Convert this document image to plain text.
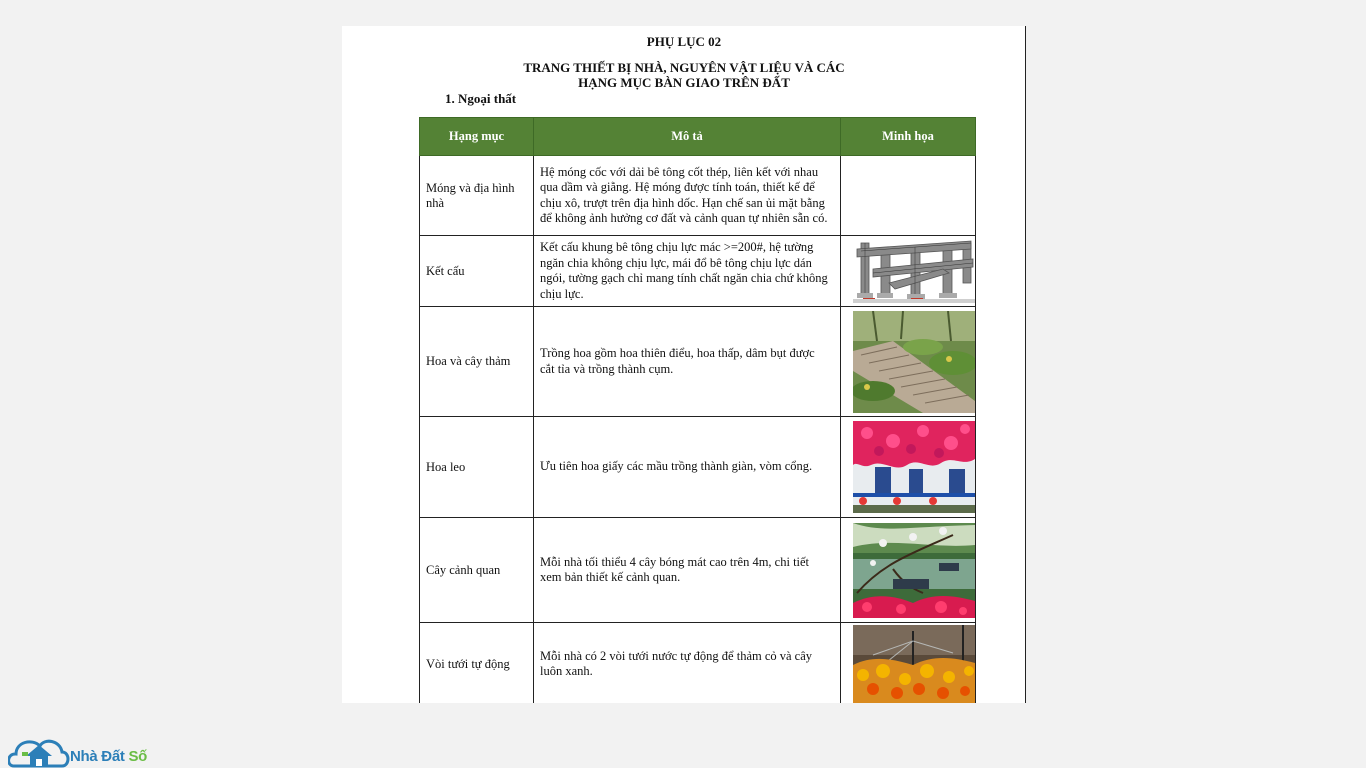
PHỤ LỤC 02
TRANG THIẾT BỊ NHÀ, NGUYÊN VẬT LIỆU VÀ CÁC
HẠNG MỤC BÀN GIAO TRÊN ĐẤT
1. Ngoại thất
Hạng mục	Mô tả	Minh họa
Móng và địa hình nhà	Hệ móng cốc với dải bê tông cốt thép, liên kết với nhau qua dầm và giằng. Hệ móng được tính toán, thiết kế để chịu xô, trượt trên địa hình dốc. Hạn chế san ủi mặt bằng để không ảnh hưởng cơ đất và cảnh quan tự nhiên sẵn có.	
Kết cấu	Kết cấu khung bê tông chịu lực mác >=200#, hệ tường ngăn chia không chịu lực, mái đổ bê tông chịu lực dán ngói, tường gạch chỉ mang tính chất ngăn chia chứ không chịu lực.	

Hoa và cây thảm	Trồng hoa gồm hoa thiên điểu, hoa thấp, dâm bụt được cắt tỉa và trồng thành cụm.	

Hoa leo	Ưu tiên hoa giấy các mầu trồng thành giàn, vòm cổng.	

Cây cảnh quan	Mỗi nhà tối thiểu 4 cây bóng mát cao trên 4m, chi tiết xem bản thiết kế cảnh quan.	

Vòi tưới tự động	Mỗi nhà có 2 vòi tưới nước tự động để thảm cỏ và cây luôn xanh.	
Nhà Đất Số
